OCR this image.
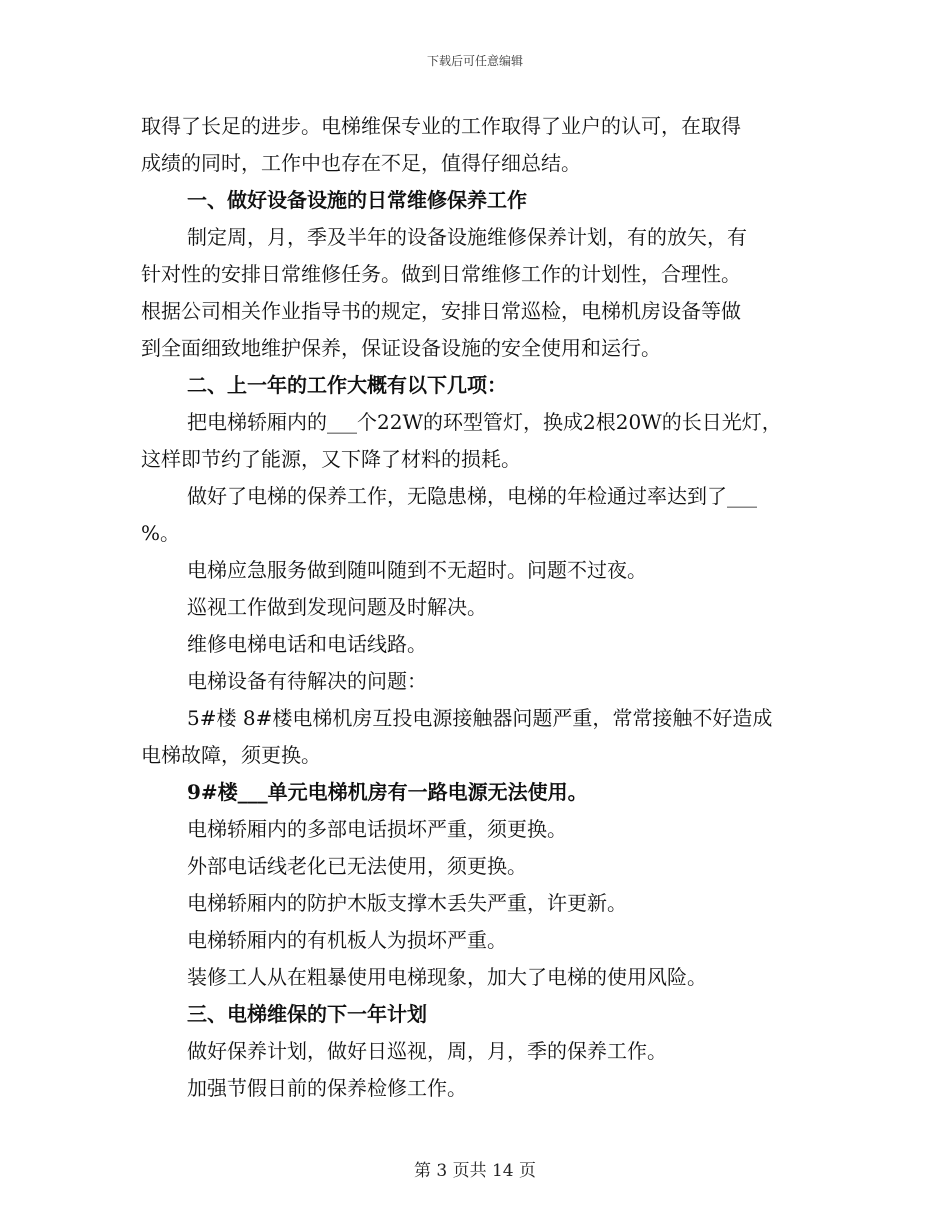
下载后可任意编辑

取得了长足的进步。电梯维保专业的工作取得了业户的认可，在取得

成绩的同时，工作中也存在不足，值得仔细总结。

一、做好设备设施的日常维修保养工作

制定周，月，季及半年的设备设施维修保养计划，有的放矢，有

针对性的安排日常维修任务。做到日常维修工作的计划性，合理性。

根据公司相关作业指导书的规定，安排日常巡检，电梯机房设备等做

到全面细致地维护保养，保证设备设施的安全使用和运行。

二、上一年的工作大概有以下几项：

把电梯轿厢内的___个22W的环型管灯，换成2根20W的长日光灯，

这样即节约了能源，又下降了材料的损耗。

做好了电梯的保养工作，无隐患梯，电梯的年检通过率达到了___

%。

电梯应急服务做到随叫随到不无超时。问题不过夜。

巡视工作做到发现问题及时解决。

维修电梯电话和电话线路。

电梯设备有待解决的问题：

5#楼 8#楼电梯机房互投电源接触器问题严重，常常接触不好造成

电梯故障，须更换。

9#楼___单元电梯机房有一路电源无法使用。

电梯轿厢内的多部电话损坏严重，须更换。

外部电话线老化已无法使用，须更换。

电梯轿厢内的防护木版支撑木丢失严重，许更新。

电梯轿厢内的有机板人为损坏严重。

装修工人从在粗暴使用电梯现象，加大了电梯的使用风险。

三、电梯维保的下一年计划

做好保养计划，做好日巡视，周，月，季的保养工作。

加强节假日前的保养检修工作。

第 3 页共 14 页
